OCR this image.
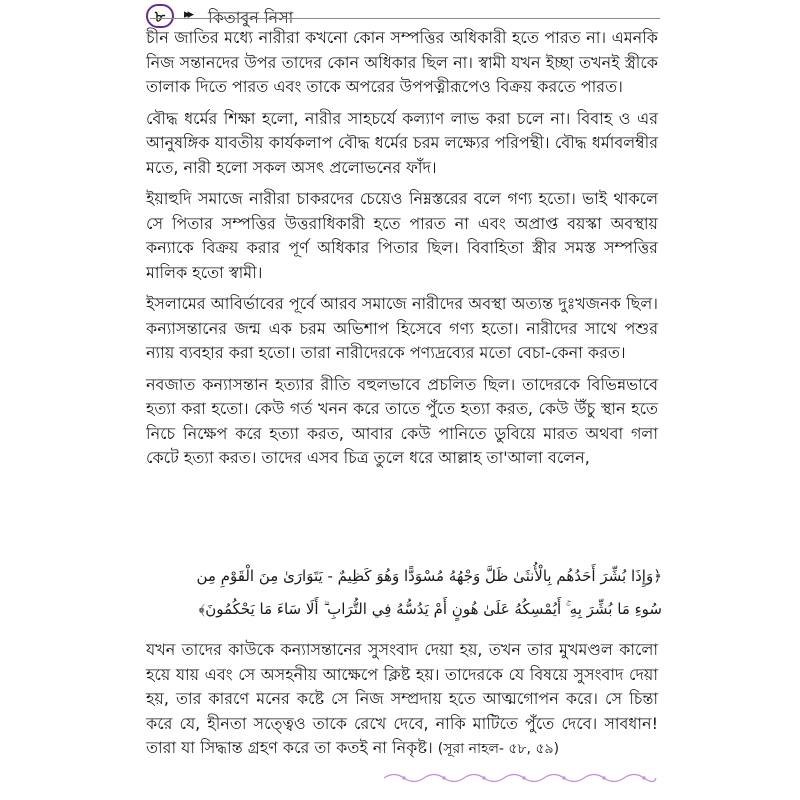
৮	▸▸ কিতাবুন নিসা

চীন জাতির মধ্যে নারীরা কখনো কোন সম্পত্তির অধিকারী হতে পারত না। এমনকি নিজ সন্তানদের উপর তাদের কোন অধিকার ছিল না। স্বামী যখন ইচ্ছা তখনই স্ত্রীকে তালাক দিতে পারত এবং তাকে অপরের উপপত্নীরূপেও বিক্রয় করতে পারত।

বৌদ্ধ ধর্মের শিক্ষা হলো, নারীর সাহচর্যে কল্যাণ লাভ করা চলে না। বিবাহ ও এর আনুষঙ্গিক যাবতীয় কার্যকলাপ বৌদ্ধ ধর্মের চরম লক্ষ্যের পরিপন্থী। বৌদ্ধ ধর্মাবলম্বীর মতে, নারী হলো সকল অসৎ প্রলোভনের ফাঁদ।

ইয়াহুদি সমাজে নারীরা চাকরদের চেয়েও নিম্নস্তরের বলে গণ্য হতো। ভাই থাকলে সে পিতার সম্পত্তির উত্তরাধিকারী হতে পারত না এবং অপ্রাপ্ত বয়স্কা অবস্থায় কন্যাকে বিক্রয় করার পূর্ণ অধিকার পিতার ছিল। বিবাহিতা স্ত্রীর সমস্ত সম্পত্তির মালিক হতো স্বামী।

ইসলামের আবির্ভাবের পূর্বে আরব সমাজে নারীদের অবস্থা অত্যন্ত দুঃখজনক ছিল। কন্যাসন্তানের জন্ম এক চরম অভিশাপ হিসেবে গণ্য হতো। নারীদের সাথে পশুর ন্যায় ব্যবহার করা হতো। তারা নারীদেরকে পণ্যদ্রব্যের মতো বেচা-কেনা করত।

নবজাত কন্যাসন্তান হত্যার রীতি বহুলভাবে প্রচলিত ছিল। তাদেরকে বিভিন্নভাবে হত্যা করা হতো। কেউ গর্ত খনন করে তাতে পুঁতে হত্যা করত, কেউ উঁচু স্থান হতে নিচে নিক্ষেপ করে হত্যা করত, আবার কেউ পানিতে ডুবিয়ে মারত অথবা গলা কেটে হত্যা করত। তাদের এসব চিত্র তুলে ধরে আল্লাহ তা'আলা বলেন,

﴿وَإِذَا بُشِّرَ أَحَدُهُم بِالْأُنثَىٰ ظَلَّ وَجْهُهُ مُسْوَدًّا وَهُوَ كَظِيمٌ - يَتَوَارَىٰ مِنَ الْقَوْمِ مِن
سُوءِ مَا بُشِّرَ بِهِ ۚ أَيُمْسِكُهُ عَلَىٰ هُونٍ أَمْ يَدُسُّهُ فِي التُّرَابِ ۗ أَلَا سَاءَ مَا يَحْكُمُونَ﴾

যখন তাদের কাউকে কন্যাসন্তানের সুসংবাদ দেয়া হয়, তখন তার মুখমণ্ডল কালো হয়ে যায় এবং সে অসহনীয় আক্ষেপে ক্লিষ্ট হয়। তাদেরকে যে বিষয়ে সুসংবাদ দেয়া হয়, তার কারণে মনের কষ্টে সে নিজ সম্প্রদায় হতে আত্মগোপন করে। সে চিন্তা করে যে, হীনতা সত্ত্বেও তাকে রেখে দেবে, নাকি মাটিতে পুঁতে দেবে। সাবধান! তারা যা সিদ্ধান্ত গ্রহণ করে তা কতই না নিকৃষ্ট। (সূরা নাহল- ৫৮, ৫৯)
